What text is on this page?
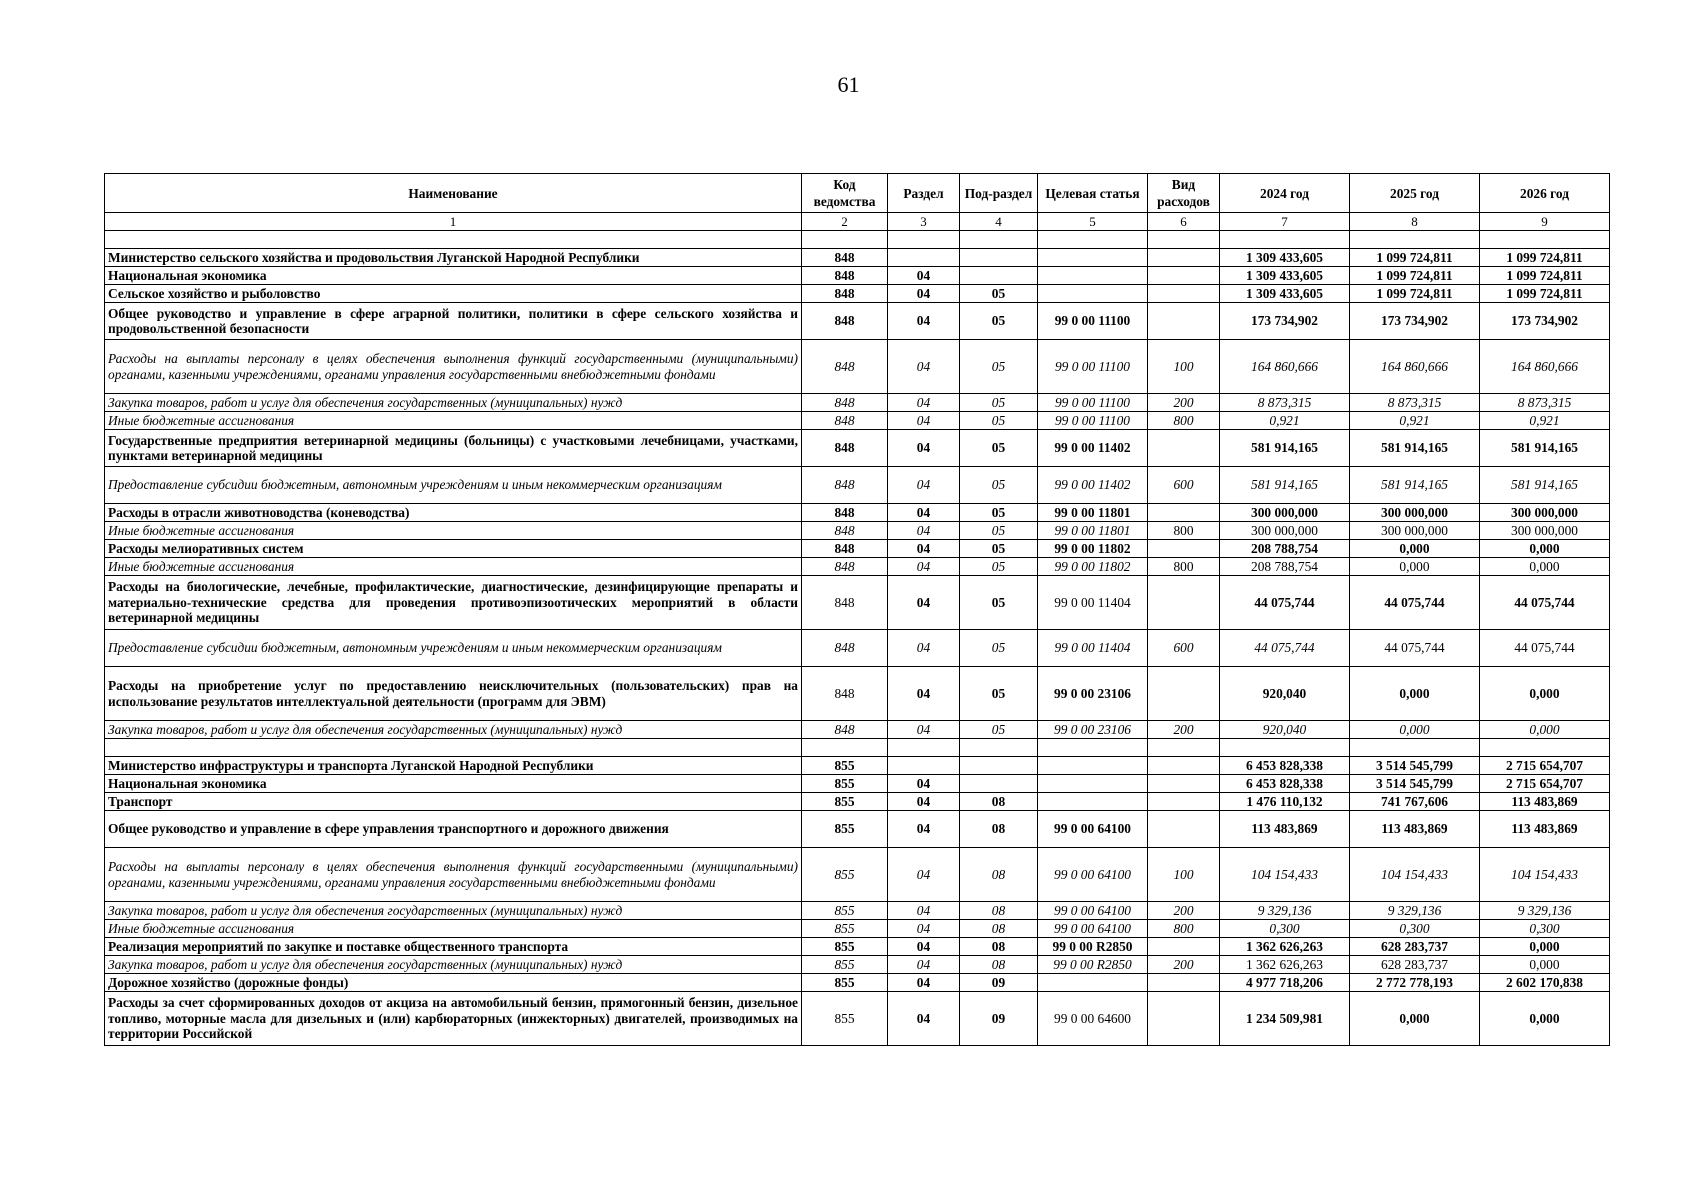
61
Наименование	Код ведомства	Раздел	Под-раздел	Целевая статья	Вид расходов	2024 год	2025 год	2026 год
1	2	3	4	5	6	7	8	9

Министерство сельского хозяйства и продовольствия Луганской Народной Республики	848					1 309 433,605	1 099 724,811	1 099 724,811
Национальная экономика	848	04				1 309 433,605	1 099 724,811	1 099 724,811
Сельское хозяйство и рыболовство	848	04	05			1 309 433,605	1 099 724,811	1 099 724,811
Общее руководство и управление в сфере аграрной политики, политики в сфере сельского хозяйства и продовольственной безопасности	848	04	05	99 0 00 11100		173 734,902	173 734,902	173 734,902
Расходы на выплаты персоналу в целях обеспечения выполнения функций государственными (муниципальными) органами, казенными учреждениями, органами управления государственными внебюджетными фондами	848	04	05	99 0 00 11100	100	164 860,666	164 860,666	164 860,666
Закупка товаров, работ и услуг для обеспечения государственных (муниципальных) нужд	848	04	05	99 0 00 11100	200	8 873,315	8 873,315	8 873,315
Иные бюджетные ассигнования	848	04	05	99 0 00 11100	800	0,921	0,921	0,921
Государственные предприятия ветеринарной медицины (больницы) с участковыми лечебницами, участками, пунктами ветеринарной медицины	848	04	05	99 0 00 11402		581 914,165	581 914,165	581 914,165
Предоставление субсидии бюджетным, автономным учреждениям и иным некоммерческим организациям	848	04	05	99 0 00 11402	600	581 914,165	581 914,165	581 914,165
Расходы в отрасли животноводства (коневодства)	848	04	05	99 0 00 11801		300 000,000	300 000,000	300 000,000
Иные бюджетные ассигнования	848	04	05	99 0 00 11801	800	300 000,000	300 000,000	300 000,000
Расходы мелиоративных систем	848	04	05	99 0 00 11802		208 788,754	0,000	0,000
Иные бюджетные ассигнования	848	04	05	99 0 00 11802	800	208 788,754	0,000	0,000
Расходы на биологические, лечебные, профилактические, диагностические, дезинфицирующие препараты и материально-технические средства для проведения противоэпизоотических мероприятий в области ветеринарной медицины	848	04	05	99 0 00 11404		44 075,744	44 075,744	44 075,744
Предоставление субсидии бюджетным, автономным учреждениям и иным некоммерческим организациям	848	04	05	99 0 00 11404	600	44 075,744	44 075,744	44 075,744
Расходы на приобретение услуг по предоставлению неисключительных (пользовательских) прав на использование результатов интеллектуальной деятельности (программ для ЭВМ)	848	04	05	99 0 00 23106		920,040	0,000	0,000
Закупка товаров, работ и услуг для обеспечения государственных (муниципальных) нужд	848	04	05	99 0 00 23106	200	920,040	0,000	0,000

Министерство инфраструктуры и транспорта Луганской Народной Республики	855					6 453 828,338	3 514 545,799	2 715 654,707
Национальная экономика	855	04				6 453 828,338	3 514 545,799	2 715 654,707
Транспорт	855	04	08			1 476 110,132	741 767,606	113 483,869
Общее руководство и управление в сфере управления транспортного и дорожного движения	855	04	08	99 0 00 64100		113 483,869	113 483,869	113 483,869
Расходы на выплаты персоналу в целях обеспечения выполнения функций государственными (муниципальными) органами, казенными учреждениями, органами управления государственными внебюджетными фондами	855	04	08	99 0 00 64100	100	104 154,433	104 154,433	104 154,433
Закупка товаров, работ и услуг для обеспечения государственных (муниципальных) нужд	855	04	08	99 0 00 64100	200	9 329,136	9 329,136	9 329,136
Иные бюджетные ассигнования	855	04	08	99 0 00 64100	800	0,300	0,300	0,300
Реализация мероприятий по закупке и поставке общественного транспорта	855	04	08	99 0 00 R2850		1 362 626,263	628 283,737	0,000
Закупка товаров, работ и услуг для обеспечения государственных (муниципальных) нужд	855	04	08	99 0 00 R2850	200	1 362 626,263	628 283,737	0,000
Дорожное хозяйство (дорожные фонды)	855	04	09			4 977 718,206	2 772 778,193	2 602 170,838
Расходы за счет сформированных доходов от акциза на автомобильный бензин, прямогонный бензин, дизельное топливо, моторные масла для дизельных и (или) карбюраторных (инжекторных) двигателей, производимых на территории Российской	855	04	09	99 0 00 64600		1 234 509,981	0,000	0,000
